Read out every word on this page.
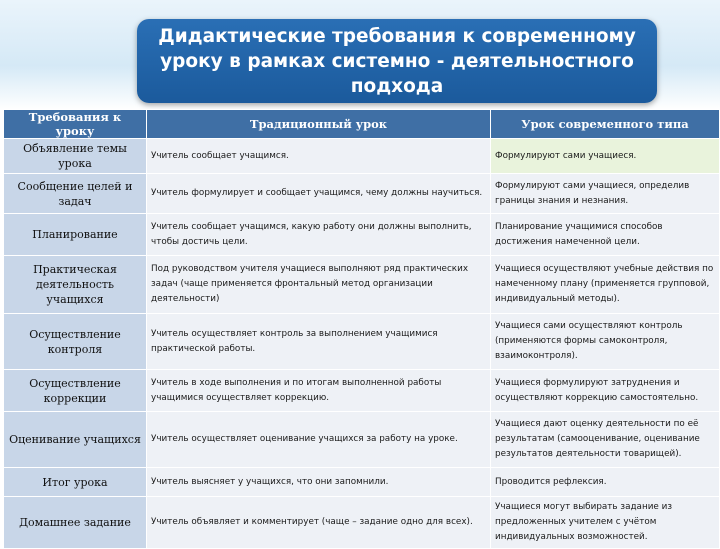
Дидактические требования к современному
уроку в рамках системно - деятельностного
подхода
Требования к уроку	Традиционный урок	Урок современного типа
Объявление темы урока	Учитель сообщает учащимся.	Формулируют сами учащиеся.
Сообщение целей и задач	Учитель формулирует и сообщает учащимся, чему должны научиться.	Формулируют сами учащиеся, определив границы знания и незнания.
Планирование	Учитель сообщает учащимся, какую работу они должны выполнить, чтобы достичь цели.	Планирование учащимися способов достижения намеченной цели.
Практическая деятельность учащихся	Под руководством учителя учащиеся выполняют ряд практических задач (чаще применяется фронтальный метод организации деятельности)	Учащиеся осуществляют учебные действия по намеченному плану (применяется групповой, индивидуальный методы).
Осуществление контроля	Учитель осуществляет контроль за выполнением учащимися практической работы.	Учащиеся сами осуществляют контроль (применяются формы самоконтроля, взаимоконтроля).
Осуществление коррекции	Учитель в ходе выполнения и по итогам выполненной работы учащимися осуществляет коррекцию.	Учащиеся формулируют затруднения и осуществляют коррекцию самостоятельно.
Оценивание учащихся	Учитель осуществляет оценивание учащихся за работу на уроке.	Учащиеся дают оценку деятельности по её результатам (самооценивание, оценивание результатов деятельности товарищей).
Итог урока	Учитель выясняет у учащихся, что они запомнили.	Проводится рефлексия.
Домашнее задание	Учитель объявляет и комментирует (чаще – задание одно для всех).	Учащиеся могут выбирать задание из предложенных учителем с учётом индивидуальных возможностей.
